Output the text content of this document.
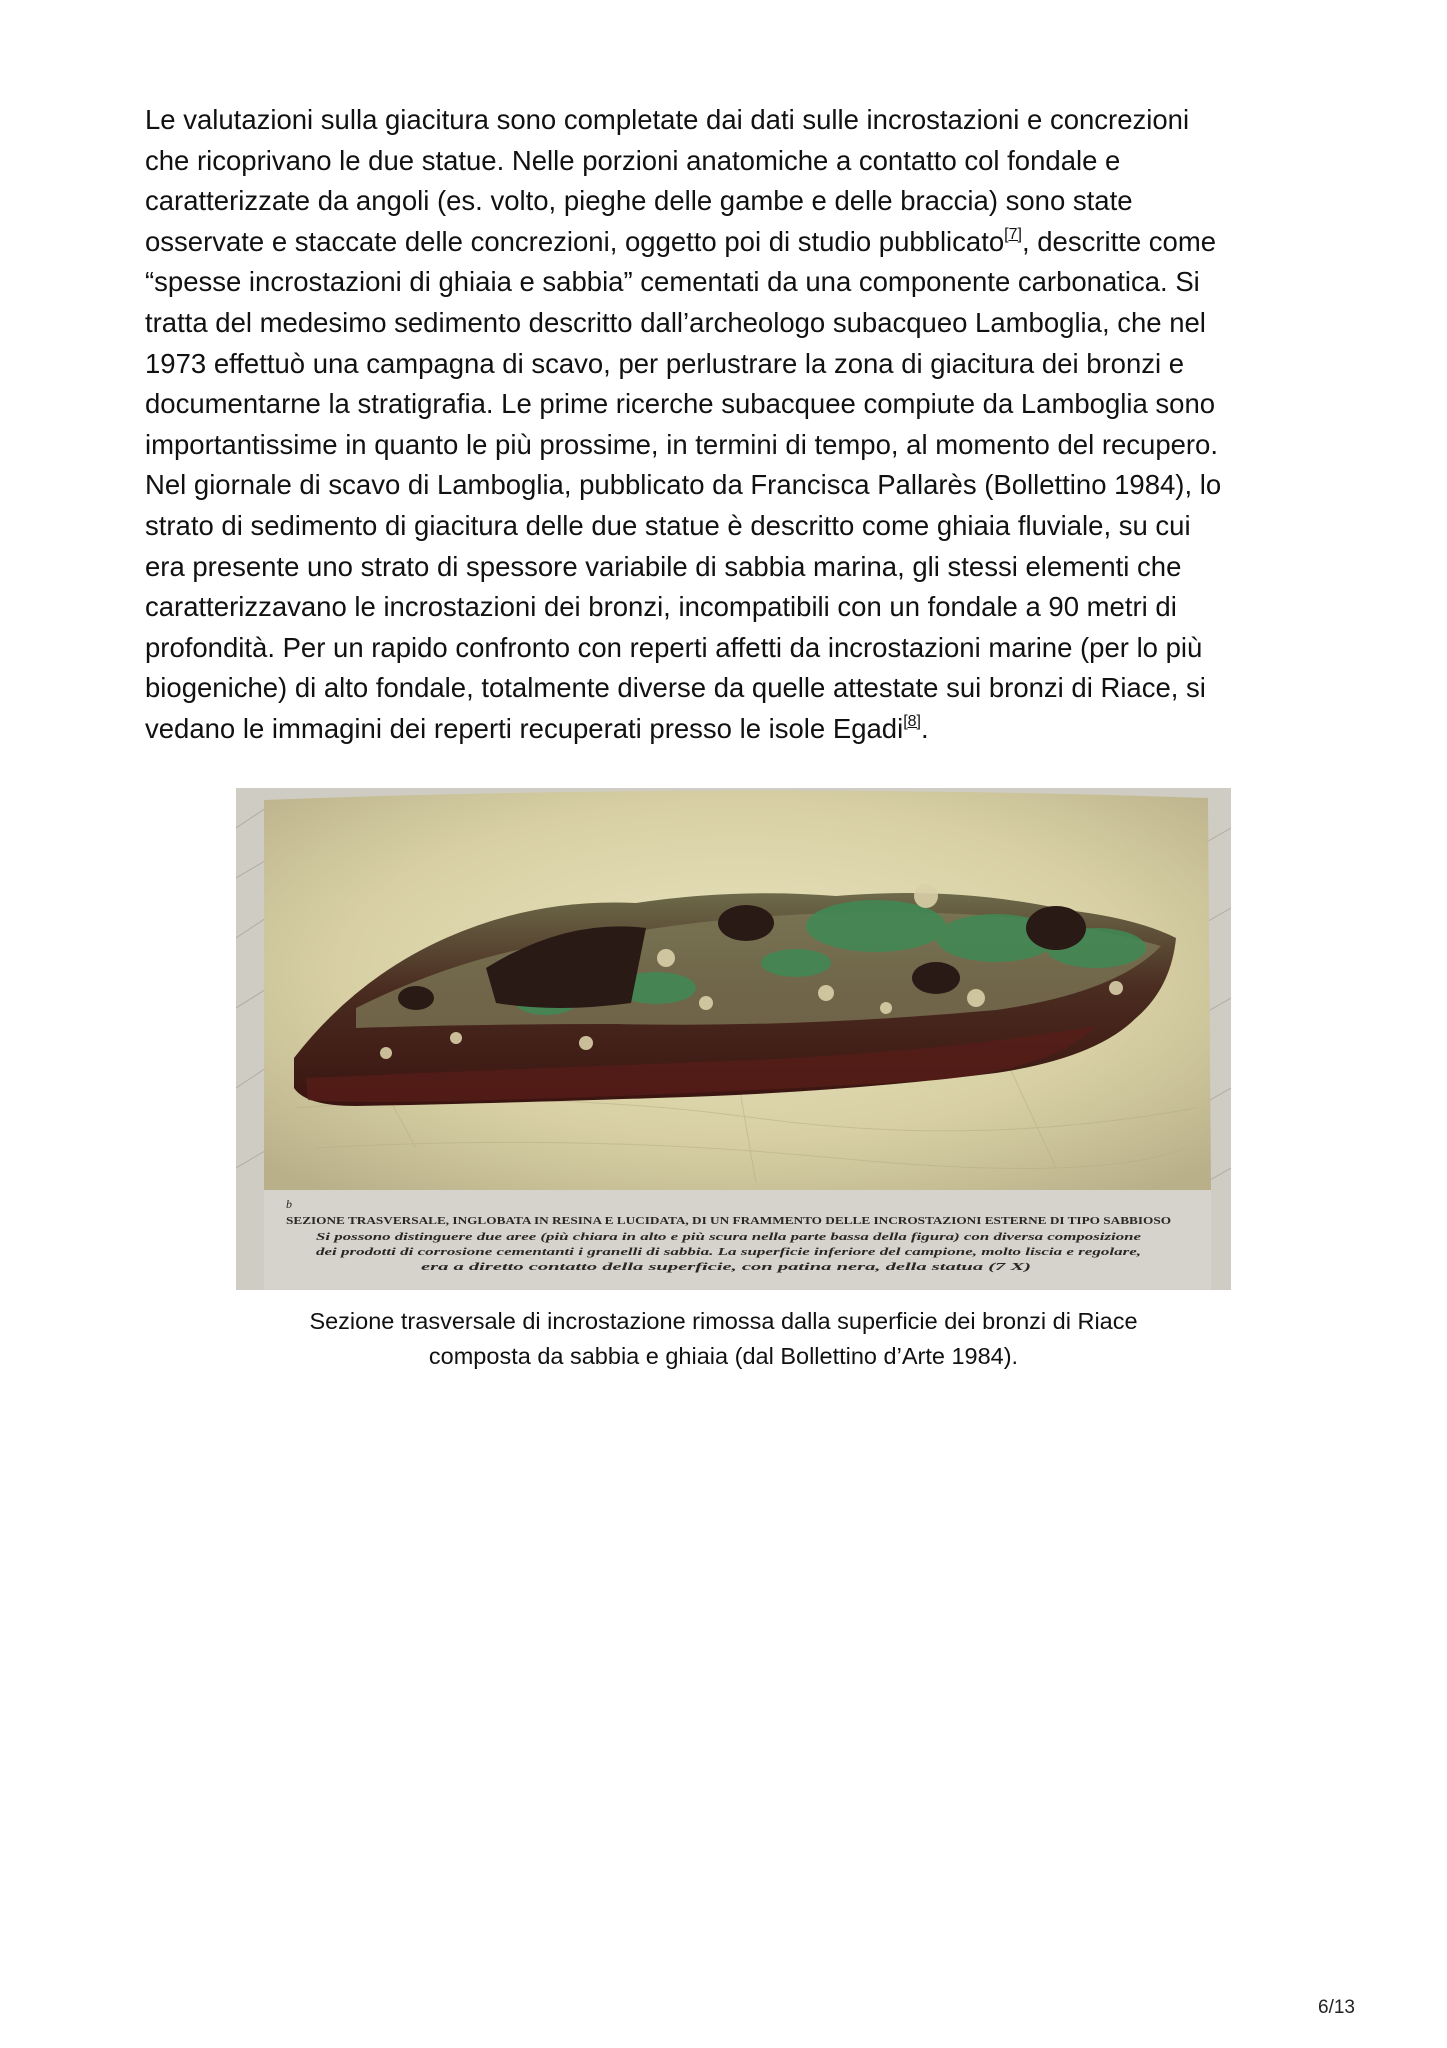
Le valutazioni sulla giacitura sono completate dai dati sulle incrostazioni e concrezioni
che ricoprivano le due statue. Nelle porzioni anatomiche a contatto col fondale e
caratterizzate da angoli (es. volto, pieghe delle gambe e delle braccia) sono state
osservate e staccate delle concrezioni, oggetto poi di studio pubblicato[7], descritte come
“spesse incrostazioni di ghiaia e sabbia” cementati da una componente carbonatica. Si
tratta del medesimo sedimento descritto dall’archeologo subacqueo Lamboglia, che nel
1973 effettuò una campagna di scavo, per perlustrare la zona di giacitura dei bronzi e
documentarne la stratigrafia. Le prime ricerche subacquee compiute da Lamboglia sono
importantissime in quanto le più prossime, in termini di tempo, al momento del recupero.
Nel giornale di scavo di Lamboglia, pubblicato da Francisca Pallarès (Bollettino 1984), lo
strato di sedimento di giacitura delle due statue è descritto come ghiaia fluviale, su cui
era presente uno strato di spessore variabile di sabbia marina, gli stessi elementi che
caratterizzavano le incrostazioni dei bronzi, incompatibili con un fondale a 90 metri di
profondità. Per un rapido confronto con reperti affetti da incrostazioni marine (per lo più
biogeniche) di alto fondale, totalmente diverse da quelle attestate sui bronzi di Riace, si
vedano le immagini dei reperti recuperati presso le isole Egadi[8].

b
SEZIONE TRASVERSALE, INGLOBATA IN RESINA E LUCIDATA, DI UN FRAMMENTO DELLE INCROSTAZIONI ESTERNE DI TIPO SABBIOSO
Si possono distinguere due aree (più chiara in alto e più scura nella parte bassa della figura) con diversa composizione
dei prodotti di corrosione cementanti i granelli di sabbia. La superficie inferiore del campione, molto liscia e regolare,
era a diretto contatto della superficie, con patina nera, della statua (7 X)

Sezione trasversale di incrostazione rimossa dalla superficie dei bronzi di Riace
composta da sabbia e ghiaia (dal Bollettino d’Arte 1984).

6/13
